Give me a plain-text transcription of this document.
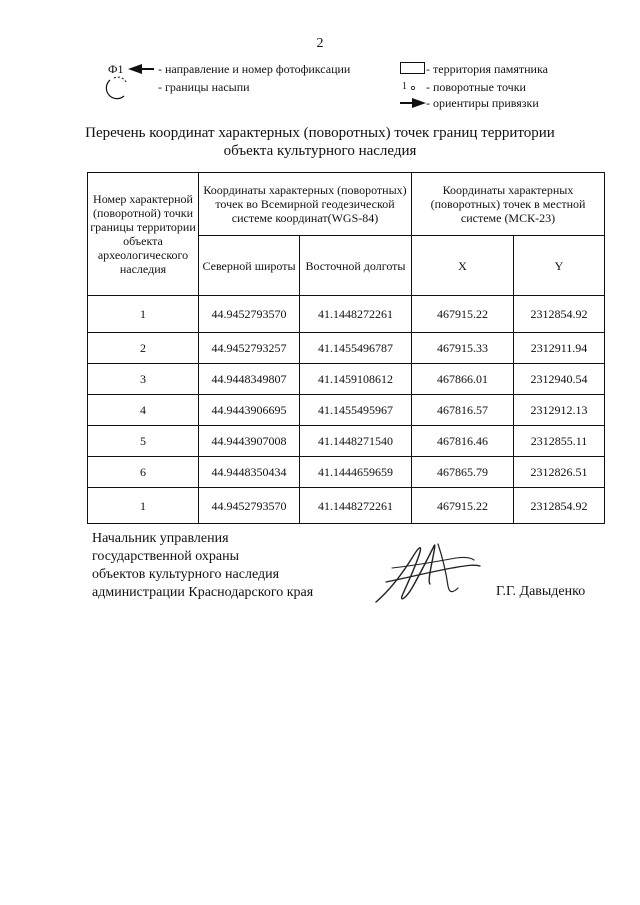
2
Ф1	- направление и номер фотофиксации
- границы насыпи
- территория памятника
1 - поворотные точки
- ориентиры привязки
Перечень координат характерных (поворотных) точек границ территории
объекта культурного наследия
Номер характерной (поворотной) точки границы территории объекта археологического наследия	Координаты характерных (поворотных) точек во Всемирной геодезической системе координат(WGS-84)		Координаты характерных (поворотных) точек в местной системе (МСК-23)	
	Северной широты	Восточной долготы	X	Y
1	44.9452793570	41.1448272261	467915.22	2312854.92
2	44.9452793257	41.1455496787	467915.33	2312911.94
3	44.9448349807	41.1459108612	467866.01	2312940.54
4	44.9443906695	41.1455495967	467816.57	2312912.13
5	44.9443907008	41.1448271540	467816.46	2312855.11
6	44.9448350434	41.1444659659	467865.79	2312826.51
1	44.9452793570	41.1448272261	467915.22	2312854.92
Начальник управления
государственной охраны
объектов культурного наследия
администрации Краснодарского края	Г.Г. Давыденко
